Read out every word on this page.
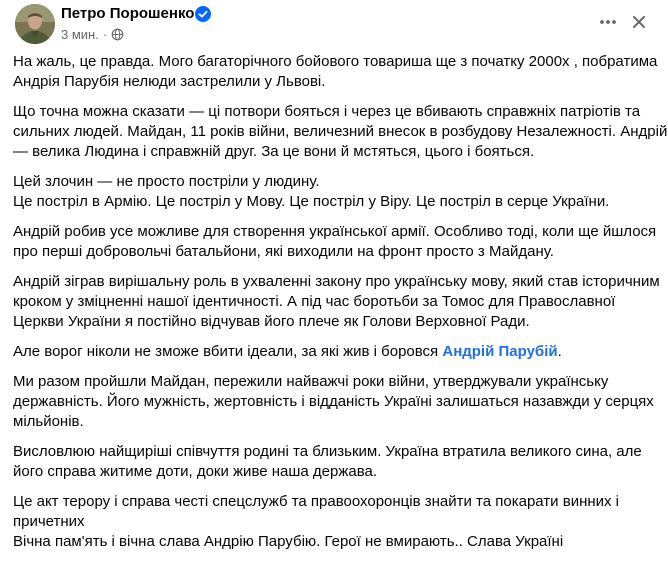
Петро Порошенко
3 мин. ·

На жаль, це правда. Мого багаторічного бойового товариша ще з початку 2000х , побратима
Андрія Парубія нелюди застрелили у Львові.

Що точна можна сказати — ці потвори бояться і через це вбивають справжніх патріотів та
сильних людей. Майдан, 11 років війни, величезний внесок в розбудову Незалежності. Андрій
— велика Людина і справжній друг. За це вони й мстяться, цього і бояться.

Цей злочин — не просто постріли у людину.
Це постріл в Армію. Це постріл у Мову. Це постріл у Віру. Це постріл в серце України.

Андрій робив усе можливе для створення української армії. Особливо тоді, коли ще йшлося
про перші добровольчі батальйони, які виходили на фронт просто з Майдану.

Андрій зіграв вирішальну роль в ухваленні закону про українську мову, який став історичним
кроком у зміцненні нашої ідентичності. А під час боротьби за Томос для Православної
Церкви України я постійно відчував його плече як Голови Верховної Ради.

Але ворог ніколи не зможе вбити ідеали, за які жив і боровся Андрій Парубій.

Ми разом пройшли Майдан, пережили найважчі роки війни, утверджували українську
державність. Його мужність, жертовність і відданість Україні залишаться назавжди у серцях
мільйонів.

Висловлюю найщиріші співчуття родині та близьким. Україна втратила великого сина, але
його справа житиме доти, доки живе наша держава.

Це акт терору і справа честі спецслужб та правоохоронців знайти та покарати винних і
причетних
Вічна пам'ять і вічна слава Андрію Парубію. Герої не вмирають.. Слава Україні
